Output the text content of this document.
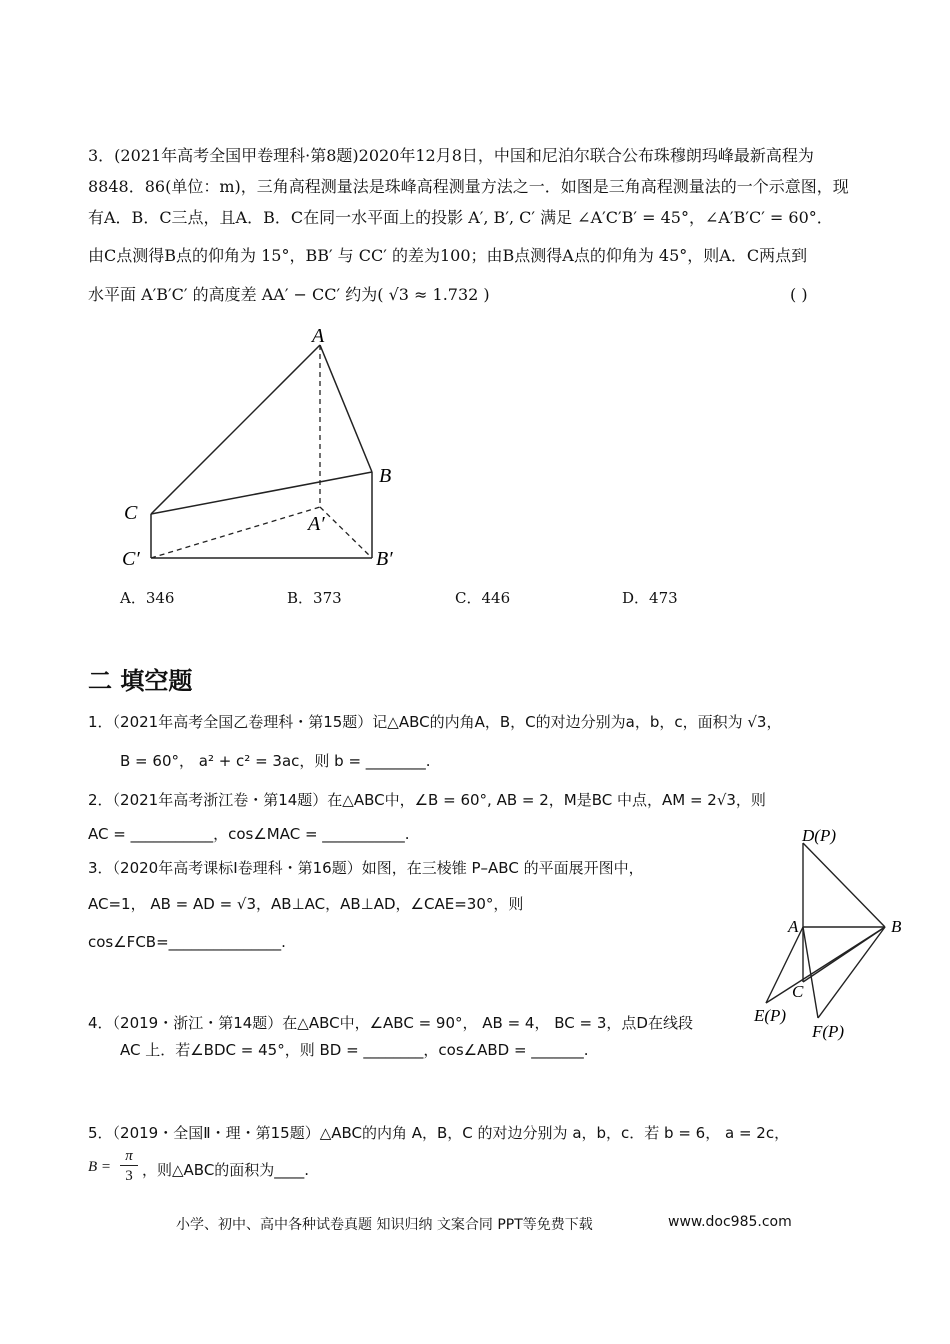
3．(2021年高考全国甲卷理科·第8题)2020年12月8日，中国和尼泊尔联合公布珠穆朗玛峰最新高程为
8848．86(单位：m)，三角高程测量法是珠峰高程测量方法之一．如图是三角高程测量法的一个示意图，现
有A．B．C三点，且A．B．C在同一水平面上的投影 A′, B′, C′ 满足 ∠A′C′B′ = 45°，∠A′B′C′ = 60°．
由C点测得B点的仰角为 15°，BB′ 与 CC′ 的差为100；由B点测得A点的仰角为 45°，则A．C两点到
水平面 A′B′C′ 的高度差 AA′ − CC′ 约为( √3 ≈ 1.732 )	( )
A
B
C	A′
B′
C′
A．346	B．373	C．446	D．473
二 填空题
1．（2021年高考全国乙卷理科・第15题）记△ABC的内角A，B，C的对边分别为a，b，c，面积为 √3，
B = 60°， a² + c² = 3ac，则 b = ________.
2．（2021年高考浙江卷・第14题）在△ABC中，∠B = 60°, AB = 2，M是BC 中点，AM = 2√3，则
AC = ___________，cos∠MAC = ___________.
3．（2020年高考课标Ⅰ卷理科・第16题）如图，在三棱锥 P–ABC 的平面展开图中，
AC=1， AB = AD = √3，AB⊥AC，AB⊥AD，∠CAE=30°，则
cos∠FCB=_______________.
D(P)
A	B
C
E(P)
F(P)
4．（2019・浙江・第14题）在△ABC中，∠ABC = 90°， AB = 4， BC = 3，点D在线段
AC 上．若∠BDC = 45°，则 BD = ________，cos∠ABD = _______.
5．（2019・全国Ⅱ・理・第15题）△ABC的内角 A，B，C 的对边分别为 a，b，c．若 b = 6， a = 2c，
$B = \frac{\pi}{3}$ ，则△ABC的面积为____.
小学、初中、高中各种试卷真题 知识归纳 文案合同 PPT等免费下载	www.doc985.com
